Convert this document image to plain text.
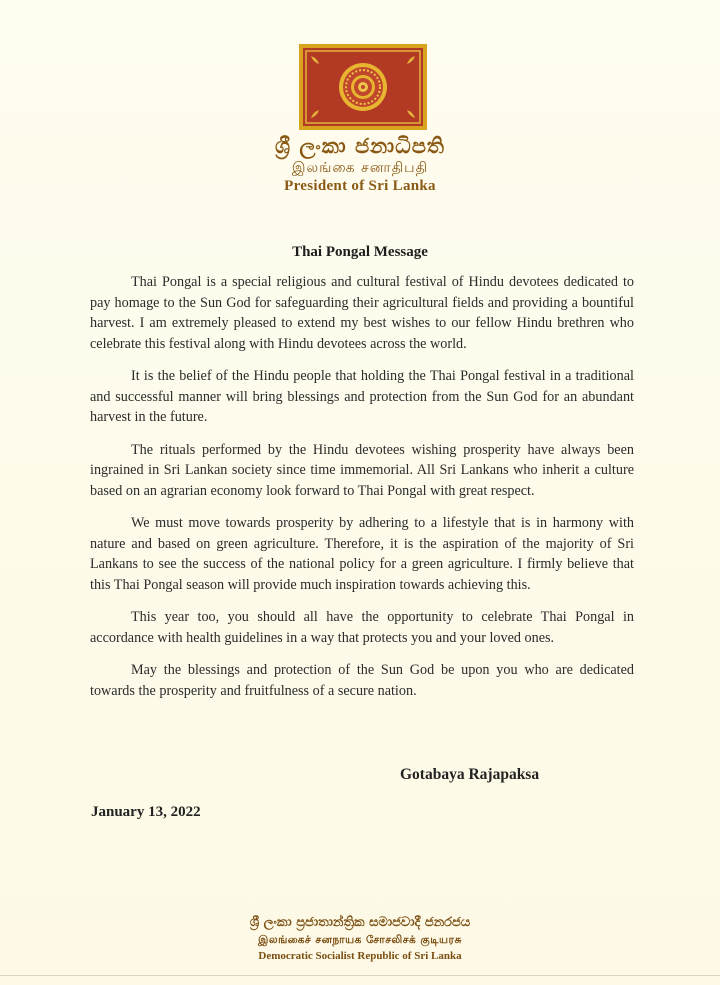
ශ්‍රී ලංකා ජනාධිපති
இலங்கை சனாதிபதி
President of Sri Lanka
Thai Pongal Message

Thai Pongal is a special religious and cultural festival of Hindu devotees dedicated to pay homage to the Sun God for safeguarding their agricultural fields and providing a bountiful harvest. I am extremely pleased to extend my best wishes to our fellow Hindu brethren who celebrate this festival along with Hindu devotees across the world.

It is the belief of the Hindu people that holding the Thai Pongal festival in a traditional and successful manner will bring blessings and protection from the Sun God for an abundant harvest in the future.

The rituals performed by the Hindu devotees wishing prosperity have always been ingrained in Sri Lankan society since time immemorial. All Sri Lankans who inherit a culture based on an agrarian economy look forward to Thai Pongal with great respect.

We must move towards prosperity by adhering to a lifestyle that is in harmony with nature and based on green agriculture. Therefore, it is the aspiration of the majority of Sri Lankans to see the success of the national policy for a green agriculture. I firmly believe that this Thai Pongal season will provide much inspiration towards achieving this.

This year too, you should all have the opportunity to celebrate Thai Pongal in accordance with health guidelines in a way that protects you and your loved ones.

May the blessings and protection of the Sun God be upon you who are dedicated towards the prosperity and fruitfulness of a secure nation.

Gotabaya Rajapaksa
January 13, 2022
ශ්‍රී ලංකා ප්‍රජාතාන්ත්‍රික සමාජවාදී ජනරජය
இலங்கைச் சனநாயக சோசலிசக் குடியரசு
Democratic Socialist Republic of Sri Lanka
